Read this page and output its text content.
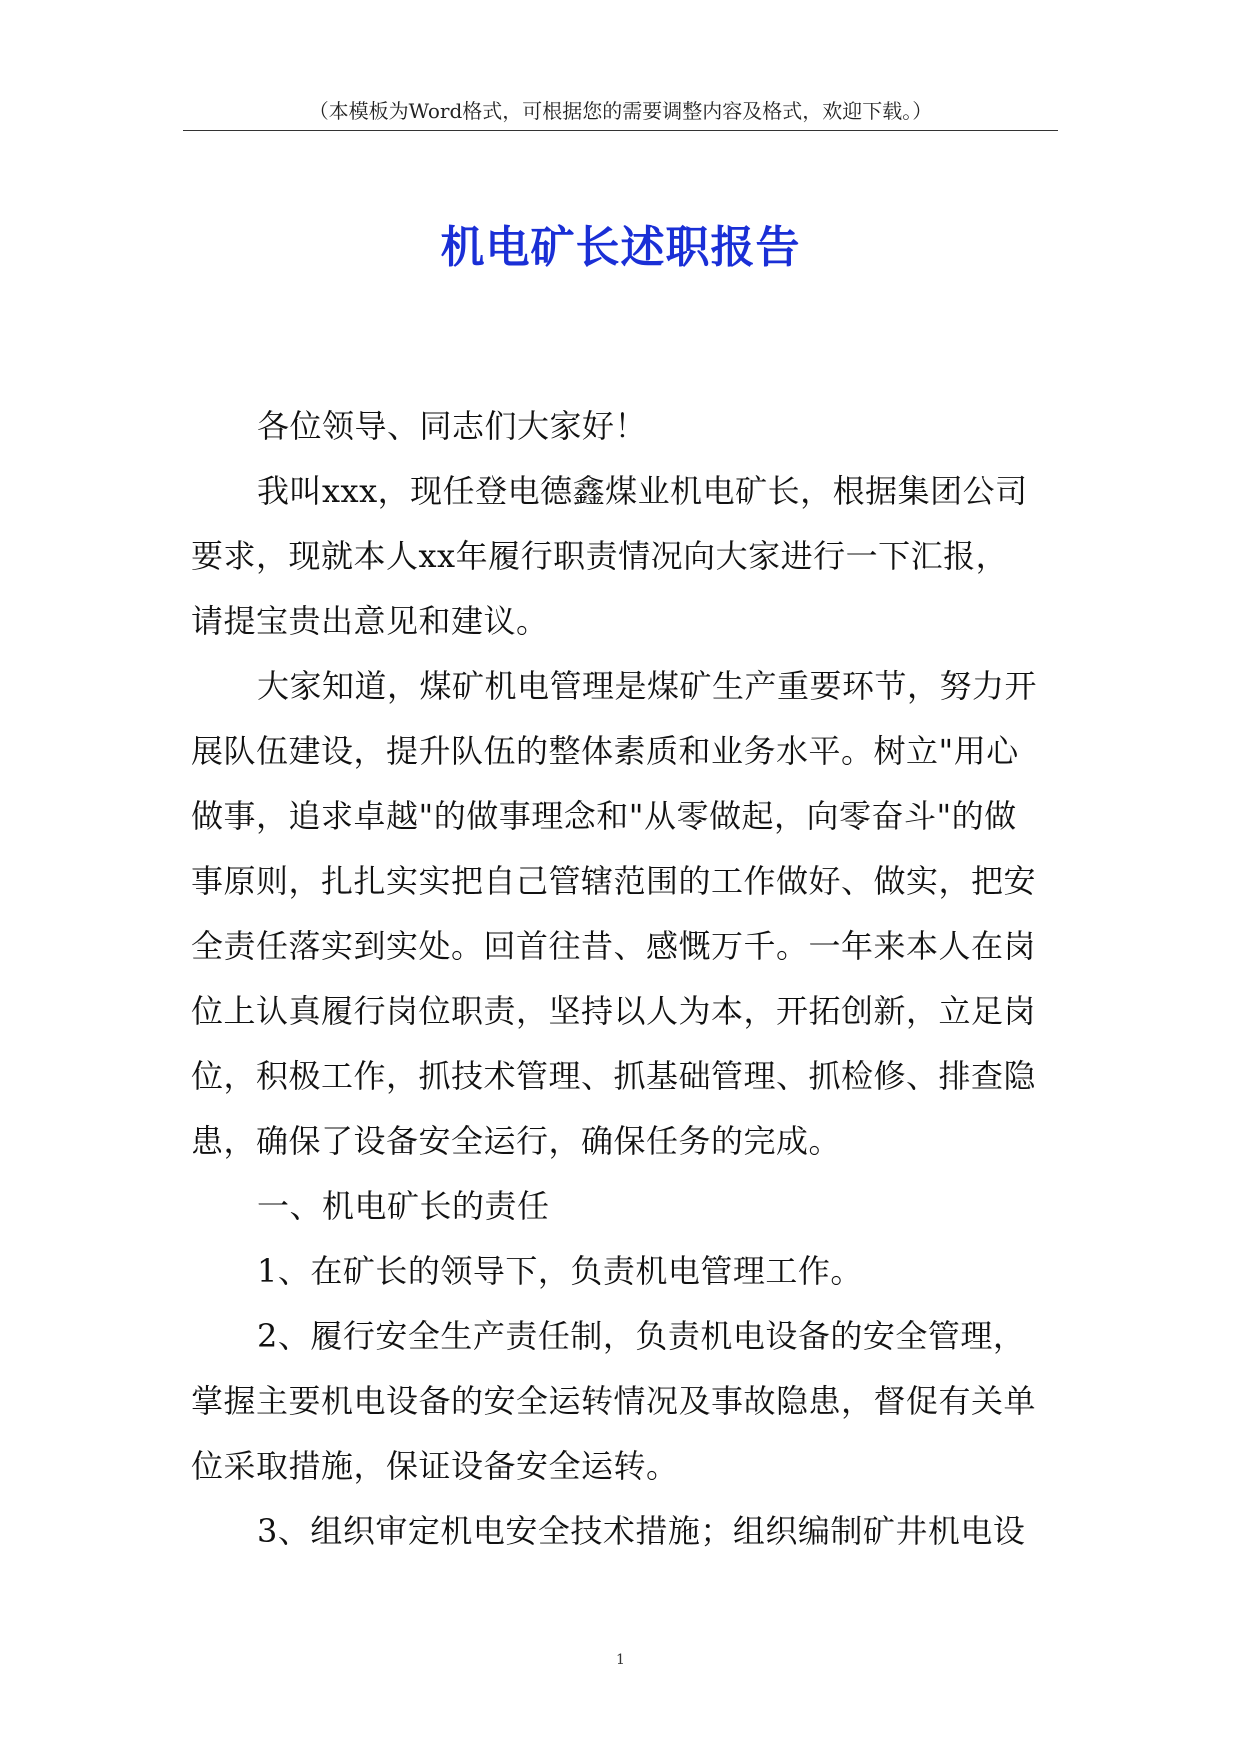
（本模板为Word格式，可根据您的需要调整内容及格式，欢迎下载。）
机电矿长述职报告

各位领导、同志们大家好！

我叫xxx，现任登电德鑫煤业机电矿长，根据集团公司
要求，现就本人xx年履行职责情况向大家进行一下汇报，
请提宝贵出意见和建议。

大家知道，煤矿机电管理是煤矿生产重要环节，努力开
展队伍建设，提升队伍的整体素质和业务水平。树立"用心
做事，追求卓越"的做事理念和"从零做起，向零奋斗"的做
事原则，扎扎实实把自己管辖范围的工作做好、做实，把安
全责任落实到实处。回首往昔、感慨万千。一年来本人在岗
位上认真履行岗位职责，坚持以人为本，开拓创新，立足岗
位，积极工作，抓技术管理、抓基础管理、抓检修、排查隐
患，确保了设备安全运行，确保任务的完成。

一、机电矿长的责任

1、在矿长的领导下，负责机电管理工作。

2、履行安全生产责任制，负责机电设备的安全管理，
掌握主要机电设备的安全运转情况及事故隐患，督促有关单
位采取措施，保证设备安全运转。

3、组织审定机电安全技术措施；组织编制矿井机电设

1
